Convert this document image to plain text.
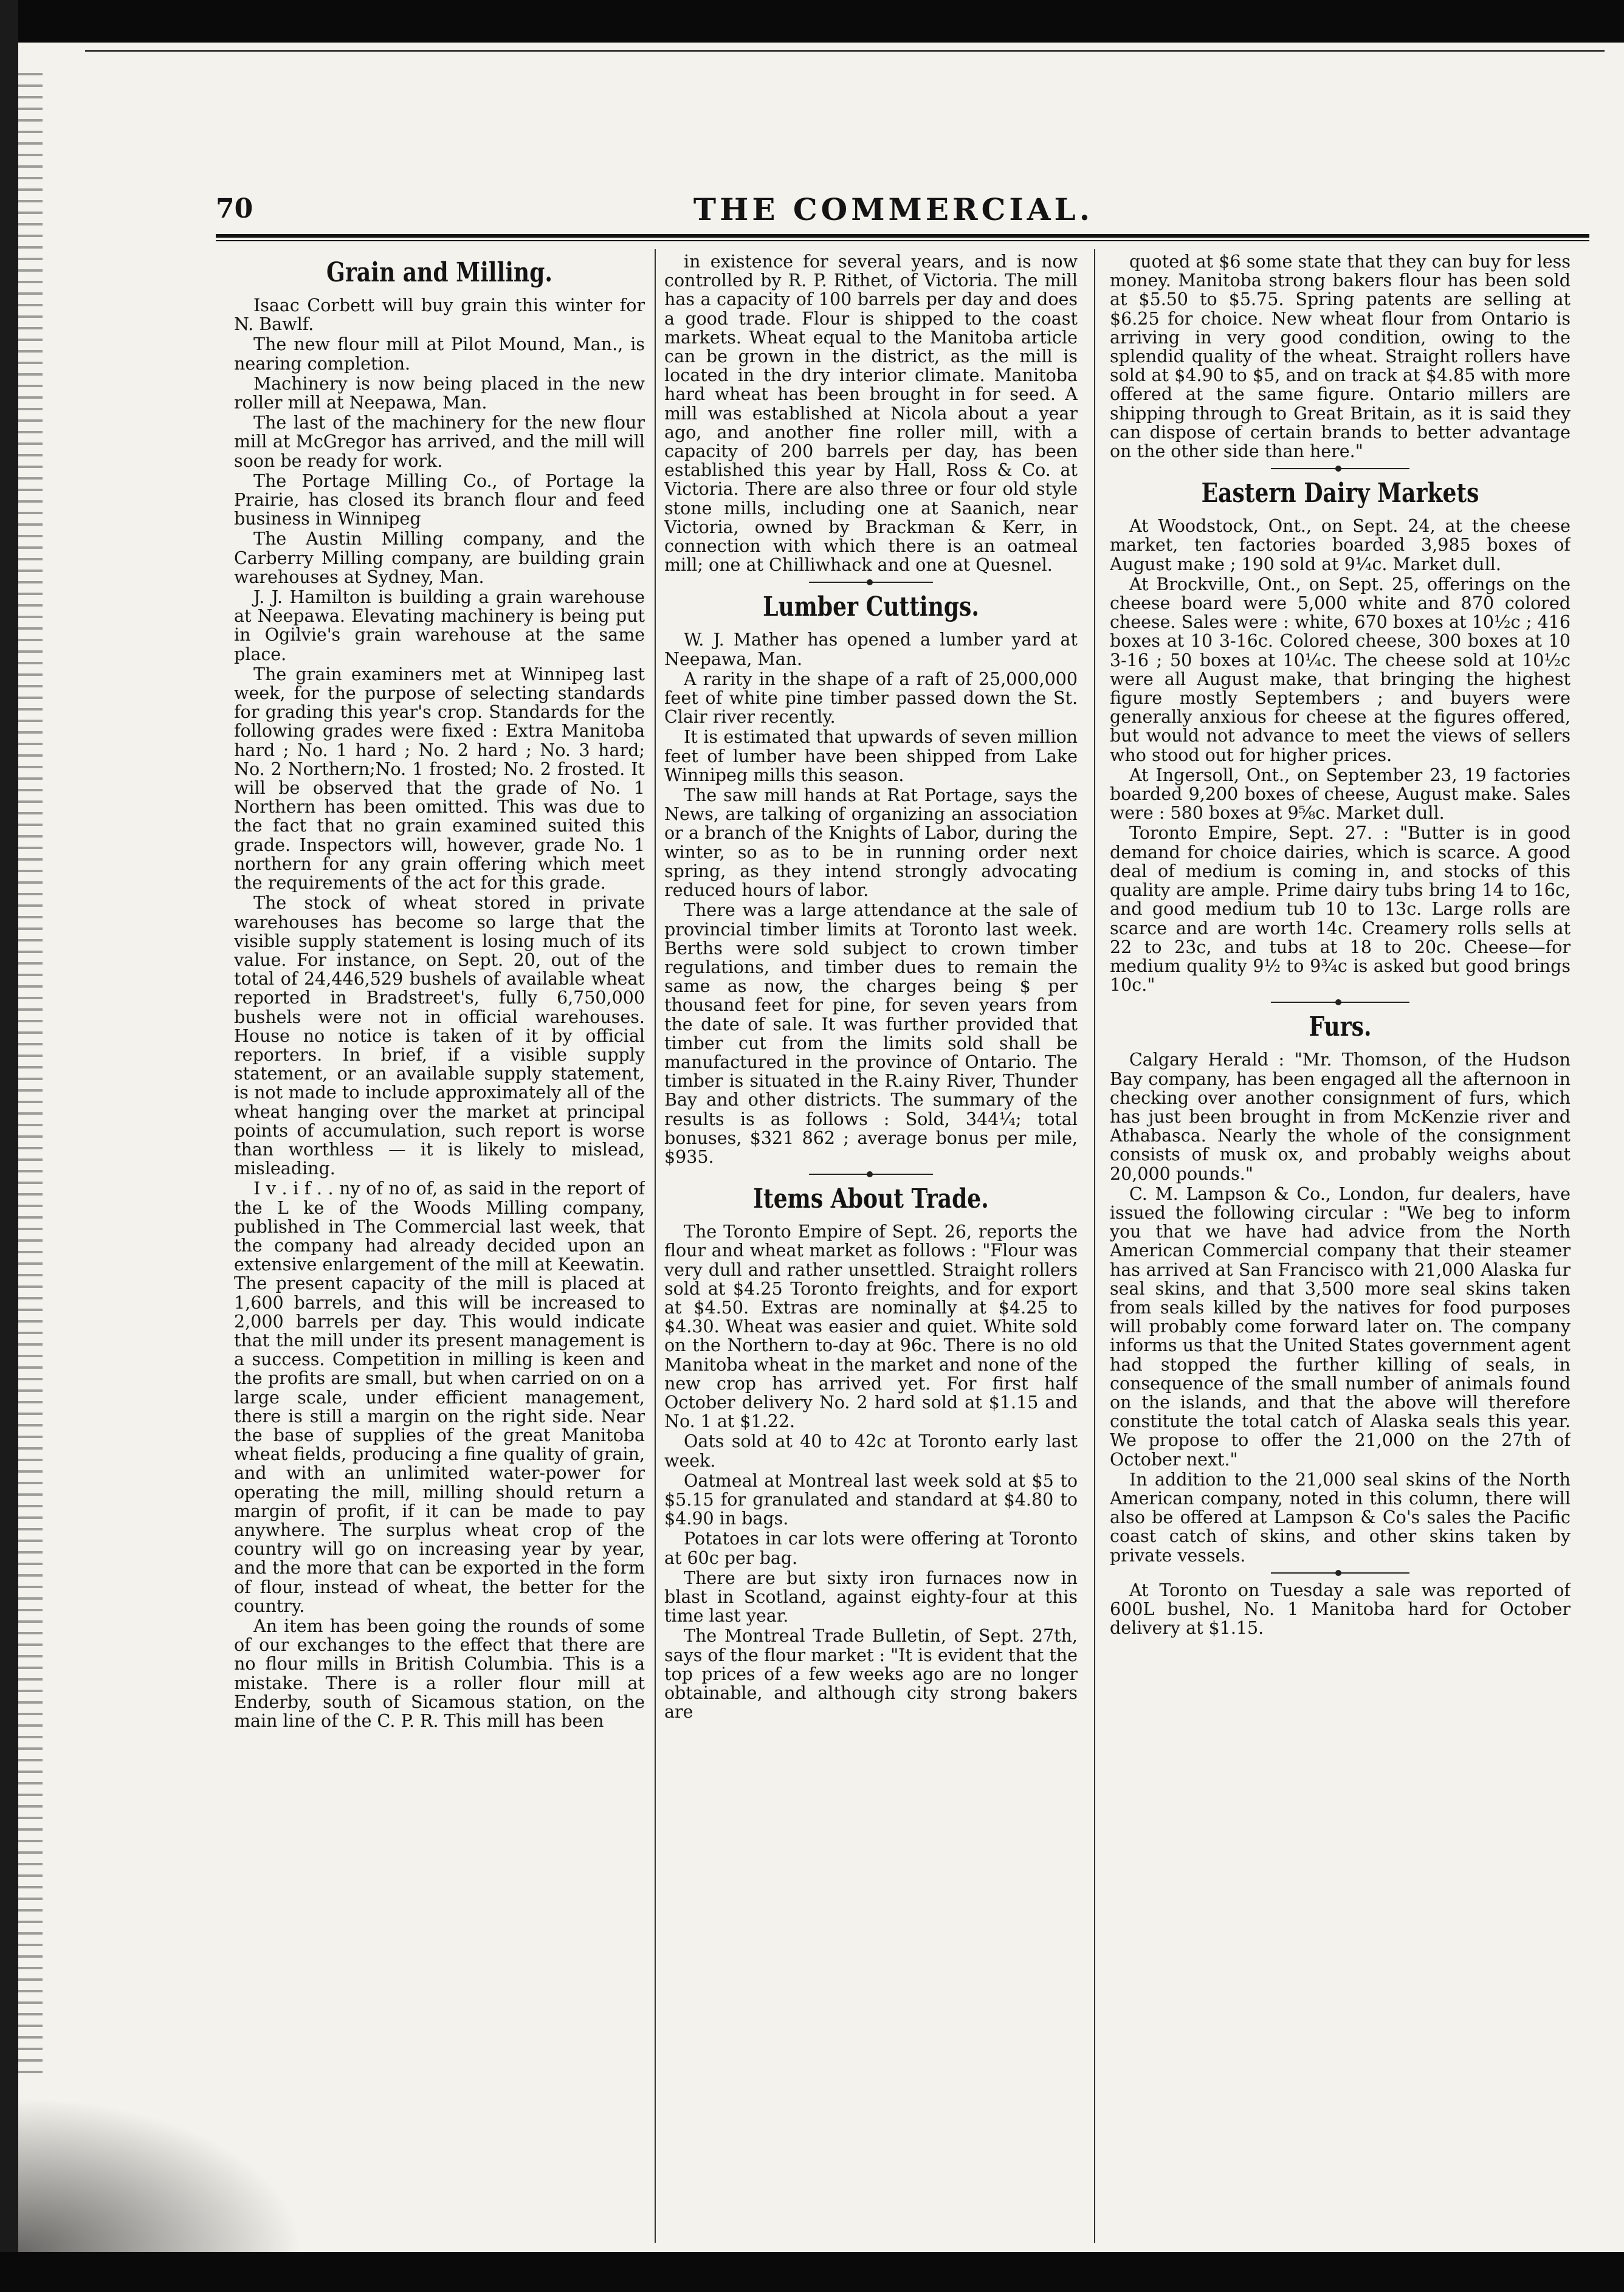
70	THE COMMERCIAL.
Grain and Milling.

Isaac Corbett will buy grain this winter for N. Bawlf.

The new flour mill at Pilot Mound, Man., is nearing completion.

Machinery is now being placed in the new roller mill at Neepawa, Man.

The last of the machinery for the new flour mill at McGregor has arrived, and the mill will soon be ready for work.

The Portage Milling Co., of Portage la Prairie, has closed its branch flour and feed business in Winnipeg

The Austin Milling company, and the Carberry Milling company, are building grain warehouses at Sydney, Man.

J. J. Hamilton is building a grain warehouse at Neepawa. Elevating machinery is being put in Ogilvie's grain warehouse at the same place.

The grain examiners met at Winnipeg last week, for the purpose of selecting standards for grading this year's crop. Standards for the following grades were fixed : Extra Manitoba hard ; No. 1 hard ; No. 2 hard ; No. 3 hard; No. 2 Northern;No. 1 frosted; No. 2 frosted. It will be observed that the grade of No. 1 Northern has been omitted. This was due to the fact that no grain examined suited this grade. Inspectors will, however, grade No. 1 northern for any grain offering which meet the requirements of the act for this grade.

The stock of wheat stored in private warehouses has become so large that the visible supply statement is losing much of its value. For instance, on Sept. 20, out of the total of 24,446,529 bushels of available wheat reported in Bradstreet's, fully 6,750,000 bushels were not in official warehouses. House no notice is taken of it by official reporters. In brief, if a visible supply statement, or an available supply statement, is not made to include approximately all of the wheat hanging over the market at principal points of accumulation, such report is worse than worthless — it is likely to mislead, misleading.

I v . i f . . ny of no of, as said in the report of the L ke of the Woods Milling company, published in The Commercial last week, that the company had already decided upon an extensive enlargement of the mill at Keewatin. The present capacity of the mill is placed at 1,600 barrels, and this will be increased to 2,000 barrels per day. This would indicate that the mill under its present management is a success. Competition in milling is keen and the profits are small, but when carried on on a large scale, under efficient management, there is still a margin on the right side. Near the base of supplies of the great Manitoba wheat fields, producing a fine quality of grain, and with an unlimited water-power for operating the mill, milling should return a margin of profit, if it can be made to pay anywhere. The surplus wheat crop of the country will go on increasing year by year, and the more that can be exported in the form of flour, instead of wheat, the better for the country.

An item has been going the rounds of some of our exchanges to the effect that there are no flour mills in British Columbia. This is a mistake. There is a roller flour mill at Enderby, south of Sicamous station, on the main line of the C. P. R. This mill has been

in existence for several years, and is now controlled by R. P. Rithet, of Victoria. The mill has a capacity of 100 barrels per day and does a good trade. Flour is shipped to the coast markets. Wheat equal to the Manitoba article can be grown in the district, as the mill is located in the dry interior climate. Manitoba hard wheat has been brought in for seed. A mill was established at Nicola about a year ago, and another fine roller mill, with a capacity of 200 barrels per day, has been established this year by Hall, Ross & Co. at Victoria. There are also three or four old style stone mills, including one at Saanich, near Victoria, owned by Brackman & Kerr, in connection with which there is an oatmeal mill; one at Chilliwhack and one at Quesnel.

Lumber Cuttings.

W. J. Mather has opened a lumber yard at Neepawa, Man.

A rarity in the shape of a raft of 25,000,000 feet of white pine timber passed down the St. Clair river recently.

It is estimated that upwards of seven million feet of lumber have been shipped from Lake Winnipeg mills this season.

The saw mill hands at Rat Portage, says the News, are talking of organizing an association or a branch of the Knights of Labor, during the winter, so as to be in running order next spring, as they intend strongly advocating reduced hours of labor.

There was a large attendance at the sale of provincial timber limits at Toronto last week. Berths were sold subject to crown timber regulations, and timber dues to remain the same as now, the charges being $ per thousand feet for pine, for seven years from the date of sale. It was further provided that timber cut from the limits sold shall be manufactured in the province of Ontario. The timber is situated in the R.ainy River, Thunder Bay and other districts. The summary of the results is as follows : Sold, 344¼; total bonuses, $321 862 ; average bonus per mile, $935.

Items About Trade.

The Toronto Empire of Sept. 26, reports the flour and wheat market as follows : "Flour was very dull and rather unsettled. Straight rollers sold at $4.25 Toronto freights, and for export at $4.50. Extras are nominally at $4.25 to $4.30. Wheat was easier and quiet. White sold on the Northern to-day at 96c. There is no old Manitoba wheat in the market and none of the new crop has arrived yet. For first half October delivery No. 2 hard sold at $1.15 and No. 1 at $1.22.

Oats sold at 40 to 42c at Toronto early last week.

Oatmeal at Montreal last week sold at $5 to $5.15 for granulated and standard at $4.80 to $4.90 in bags.

Potatoes in car lots were offering at Toronto at 60c per bag.

There are but sixty iron furnaces now in blast in Scotland, against eighty-four at this time last year.

The Montreal Trade Bulletin, of Sept. 27th, says of the flour market : "It is evident that the top prices of a few weeks ago are no longer obtainable, and although city strong bakers are

quoted at $6 some state that they can buy for less money. Manitoba strong bakers flour has been sold at $5.50 to $5.75. Spring patents are selling at $6.25 for choice. New wheat flour from Ontario is arriving in very good condition, owing to the splendid quality of the wheat. Straight rollers have sold at $4.90 to $5, and on track at $4.85 with more offered at the same figure. Ontario millers are shipping through to Great Britain, as it is said they can dispose of certain brands to better advantage on the other side than here."

Eastern Dairy Markets

At Woodstock, Ont., on Sept. 24, at the cheese market, ten factories boarded 3,985 boxes of August make ; 190 sold at 9¼c. Market dull.

At Brockville, Ont., on Sept. 25, offerings on the cheese board were 5,000 white and 870 colored cheese. Sales were : white, 670 boxes at 10½c ; 416 boxes at 10 3-16c. Colored cheese, 300 boxes at 10 3-16 ; 50 boxes at 10¼c. The cheese sold at 10½c were all August make, that bringing the highest figure mostly Septembers ; and buyers were generally anxious for cheese at the figures offered, but would not advance to meet the views of sellers who stood out for higher prices.

At Ingersoll, Ont., on September 23, 19 factories boarded 9,200 boxes of cheese, August make. Sales were : 580 boxes at 9⅝c. Market dull.

Toronto Empire, Sept. 27. : "Butter is in good demand for choice dairies, which is scarce. A good deal of medium is coming in, and stocks of this quality are ample. Prime dairy tubs bring 14 to 16c, and good medium tub 10 to 13c. Large rolls are scarce and are worth 14c. Creamery rolls sells at 22 to 23c, and tubs at 18 to 20c. Cheese—for medium quality 9½ to 9¾c is asked but good brings 10c."

Furs.

Calgary Herald : "Mr. Thomson, of the Hudson Bay company, has been engaged all the afternoon in checking over another consignment of furs, which has just been brought in from McKenzie river and Athabasca. Nearly the whole of the consignment consists of musk ox, and probably weighs about 20,000 pounds."

C. M. Lampson & Co., London, fur dealers, have issued the following circular : "We beg to inform you that we have had advice from the North American Commercial company that their steamer has arrived at San Francisco with 21,000 Alaska fur seal skins, and that 3,500 more seal skins taken from seals killed by the natives for food purposes will probably come forward later on. The company informs us that the United States government agent had stopped the further killing of seals, in consequence of the small number of animals found on the islands, and that the above will therefore constitute the total catch of Alaska seals this year. We propose to offer the 21,000 on the 27th of October next."

In addition to the 21,000 seal skins of the North American company, noted in this column, there will also be offered at Lampson & Co's sales the Pacific coast catch of skins, and other skins taken by private vessels.

At Toronto on Tuesday a sale was reported of 600L bushel, No. 1 Manitoba hard for October delivery at $1.15.
